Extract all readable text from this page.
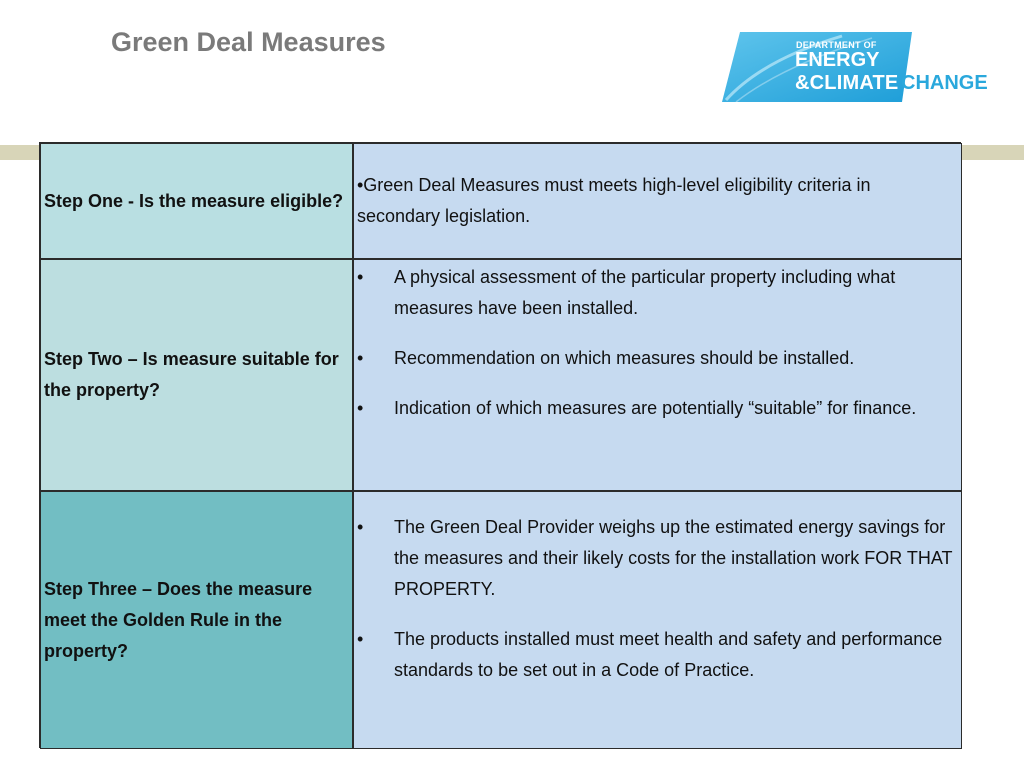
Green Deal Measures	DEPARTMENT OF
ENERGY
&CLIMATE CHANGE
Step One - Is the measure eligible?
•Green Deal Measures must meets high-level eligibility criteria in secondary legislation.
Step Two – Is measure suitable for the property?
•	A physical assessment of the particular property including what measures have been installed.
•	Recommendation on which measures should be installed.
•	Indication of which measures are potentially “suitable” for finance.
Step Three – Does the measure meet the Golden Rule in the property?
•	The Green Deal Provider weighs up the estimated energy savings for the measures and their likely costs for the installation work FOR THAT PROPERTY.
•	The products installed must meet health and safety and performance standards to be set out in a Code of Practice.
